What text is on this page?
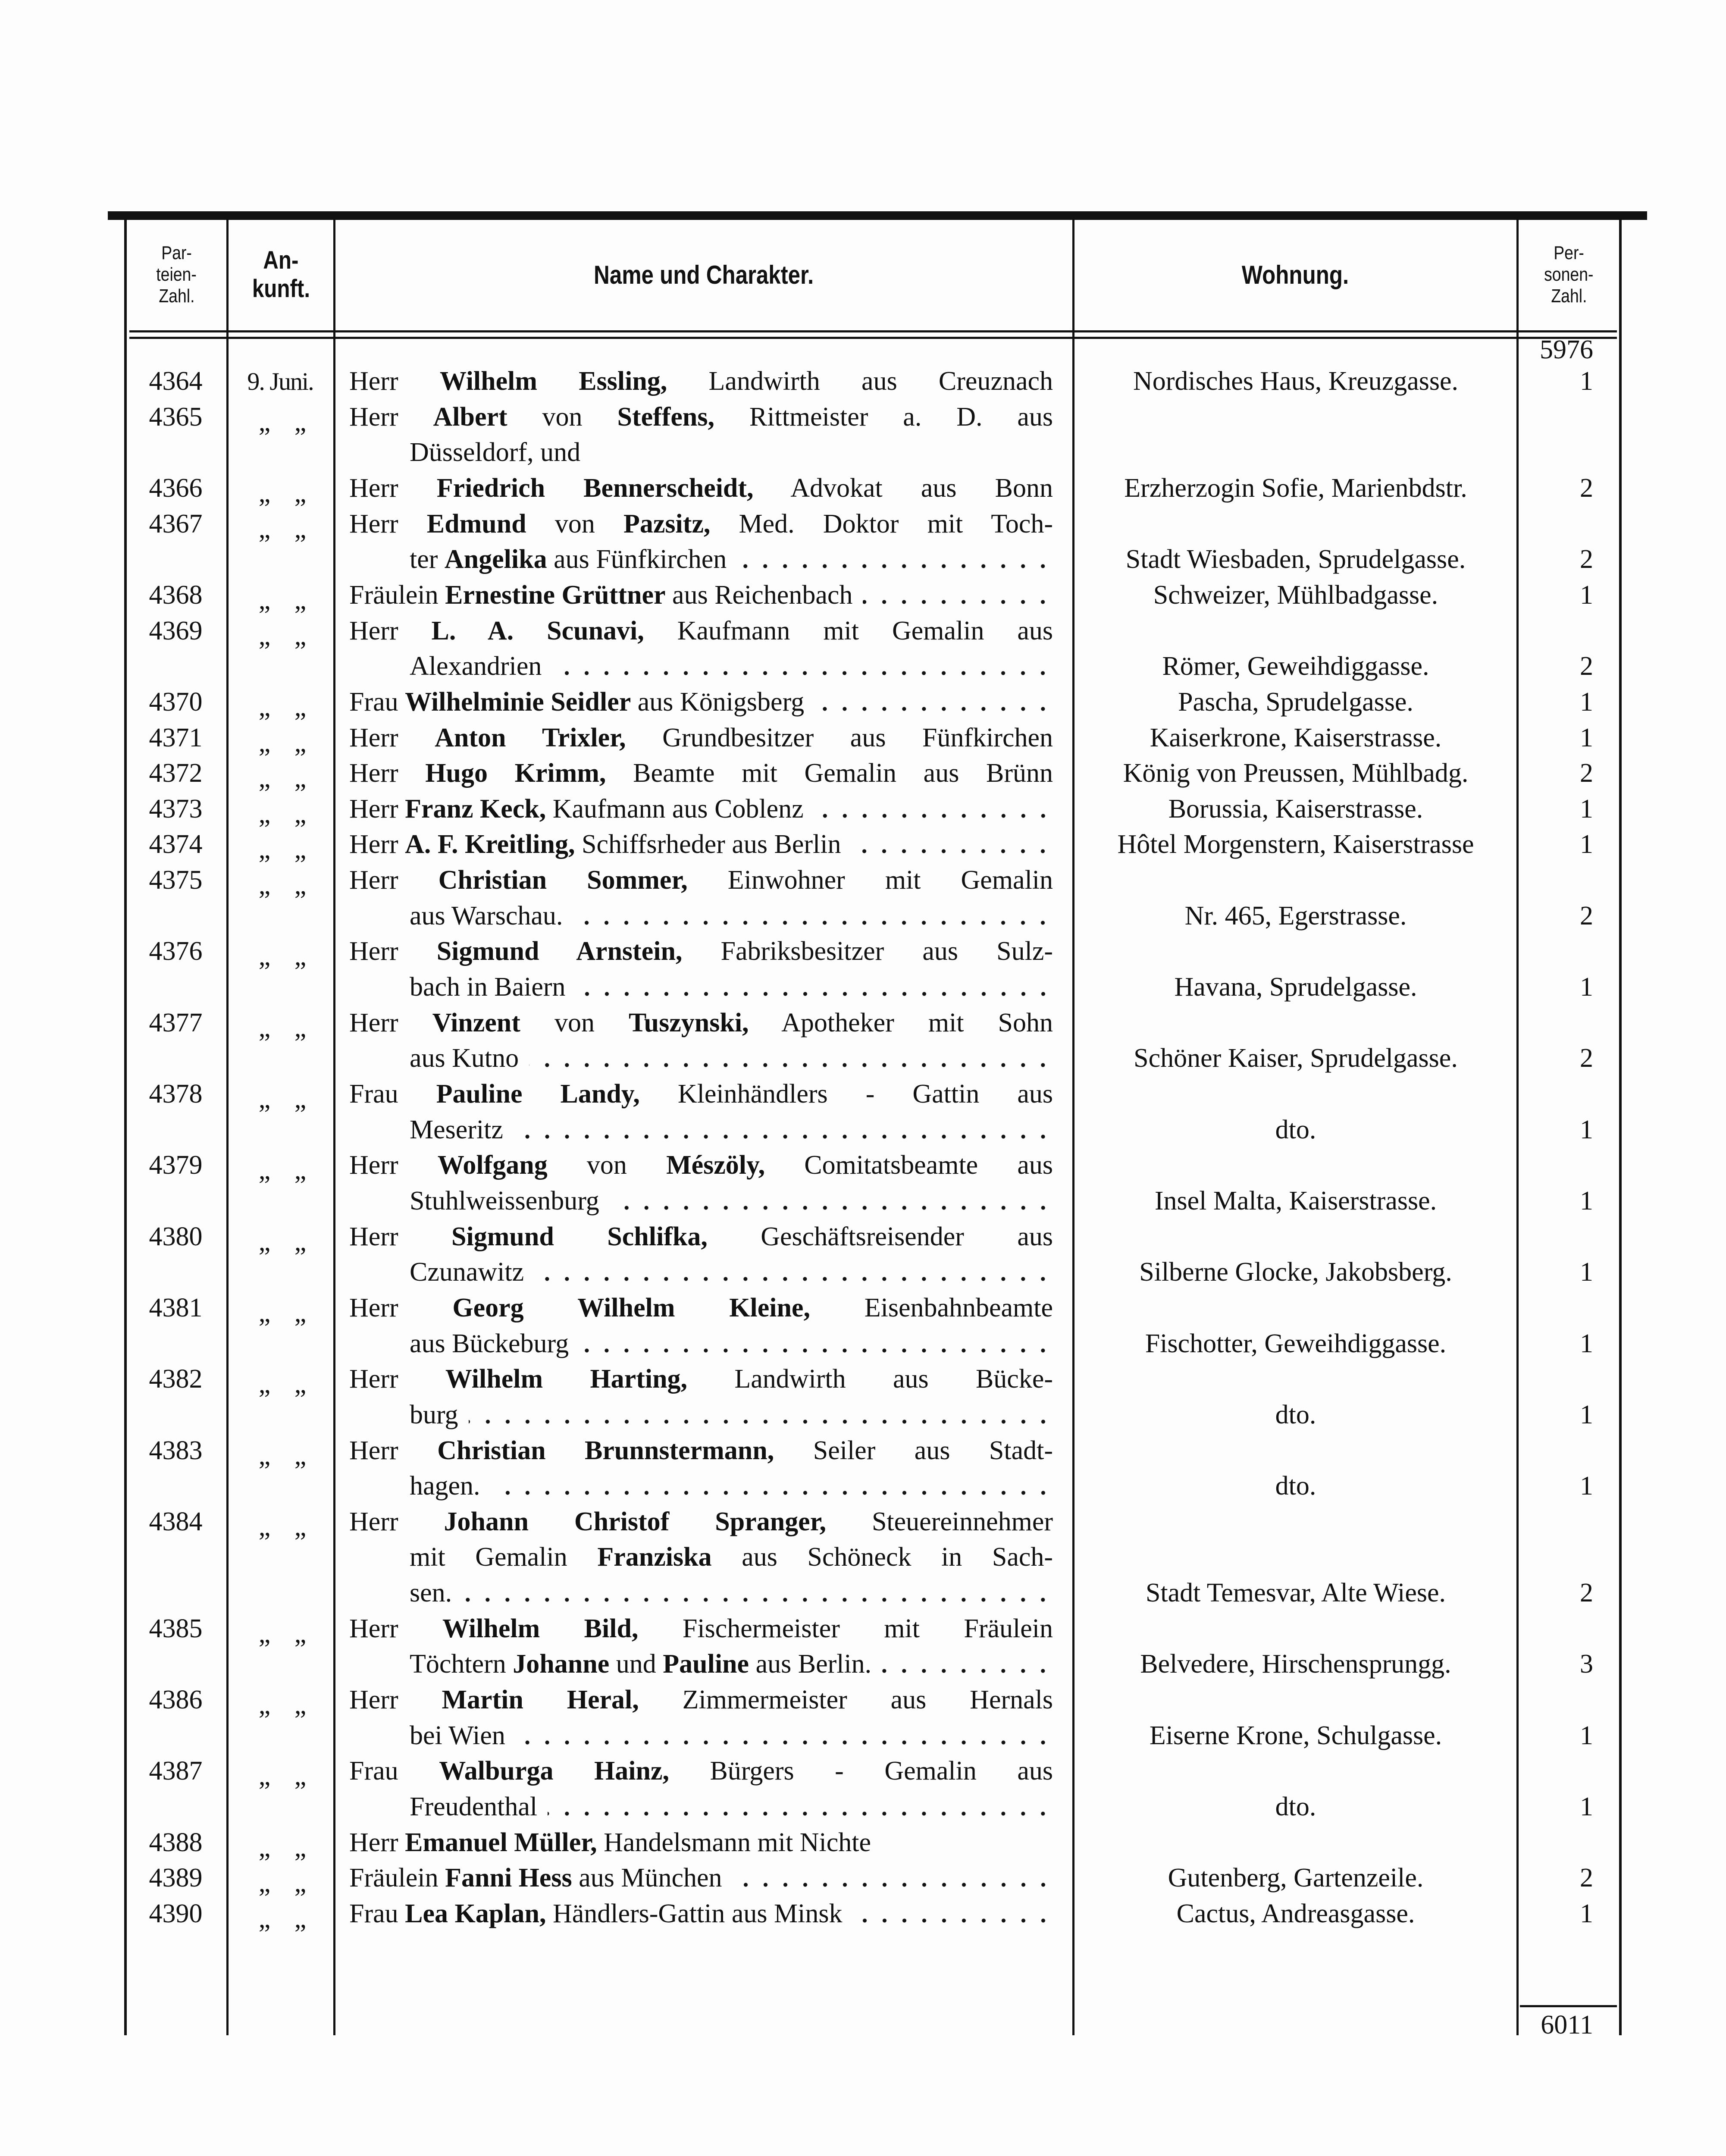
Par-
teien-
Zahl.
An-
kunft.	Name und Charakter.	Wohnung.
Per-
sonen-
Zahl.
5976
6011
4364	9. Juni.	Herr Wilhelm Essling, Landwirth aus Creuznach	Nordisches Haus, Kreuzgasse.	1
4365	„ „	Herr Albert von Steffens, Rittmeister a. D. aus
Düsseldorf, und
4366	„ „	Herr Friedrich Bennerscheidt, Advokat aus Bonn	Erzherzogin Sofie, Marienbdstr.	2
4367	„ „	Herr Edmund von Pazsitz, Med. Doktor mit Toch-
ter Angelika aus Fünfkirchen	Stadt Wiesbaden, Sprudelgasse.	2
4368	„ „	Fräulein Ernestine Grüttner aus Reichenbach	Schweizer, Mühlbadgasse.	1
4369	„ „	Herr L. A. Scunavi, Kaufmann mit Gemalin aus
Alexandrien	Römer, Geweihdiggasse.	2
4370	„ „	Frau Wilhelminie Seidler aus Königsberg	Pascha, Sprudelgasse.	1
4371	„ „	Herr Anton Trixler, Grundbesitzer aus Fünfkirchen	Kaiserkrone, Kaiserstrasse.	1
4372	„ „	Herr Hugo Krimm, Beamte mit Gemalin aus Brünn	König von Preussen, Mühlbadg.	2
4373	„ „	Herr Franz Keck, Kaufmann aus Coblenz	Borussia, Kaiserstrasse.	1
4374	„ „	Herr A. F. Kreitling, Schiffsrheder aus Berlin	Hôtel Morgenstern, Kaiserstrasse	1
4375	„ „	Herr Christian Sommer, Einwohner mit Gemalin
aus Warschau.	Nr. 465, Egerstrasse.	2
4376	„ „	Herr Sigmund Arnstein, Fabriksbesitzer aus Sulz-
bach in Baiern	Havana, Sprudelgasse.	1
4377	„ „	Herr Vinzent von Tuszynski, Apotheker mit Sohn
aus Kutno	Schöner Kaiser, Sprudelgasse.	2
4378	„ „	Frau Pauline Landy, Kleinhändlers - Gattin aus
Meseritz	dto.	1
4379	„ „	Herr Wolfgang von Mészöly, Comitatsbeamte aus
Stuhlweissenburg	Insel Malta, Kaiserstrasse.	1
4380	„ „	Herr Sigmund Schlifka, Geschäftsreisender aus
Czunawitz	Silberne Glocke, Jakobsberg.	1
4381	„ „	Herr Georg Wilhelm Kleine, Eisenbahnbeamte
aus Bückeburg	Fischotter, Geweihdiggasse.	1
4382	„ „	Herr Wilhelm Harting, Landwirth aus Bücke-
burg	dto.	1
4383	„ „	Herr Christian Brunnstermann, Seiler aus Stadt-
hagen.	dto.	1
4384	„ „	Herr Johann Christof Spranger, Steuereinnehmer
mit Gemalin Franziska aus Schöneck in Sach-
sen.	Stadt Temesvar, Alte Wiese.	2
4385	„ „	Herr Wilhelm Bild, Fischermeister mit Fräulein
Töchtern Johanne und Pauline aus Berlin.	Belvedere, Hirschensprungg.	3
4386	„ „	Herr Martin Heral, Zimmermeister aus Hernals
bei Wien	Eiserne Krone, Schulgasse.	1
4387	„ „	Frau Walburga Hainz, Bürgers - Gemalin aus
Freudenthal	dto.	1
4388	„ „	Herr Emanuel Müller, Handelsmann mit Nichte
4389	„ „	Fräulein Fanni Hess aus München	Gutenberg, Gartenzeile.	2
4390	„ „	Frau Lea Kaplan, Händlers-Gattin aus Minsk	Cactus, Andreasgasse.	1
